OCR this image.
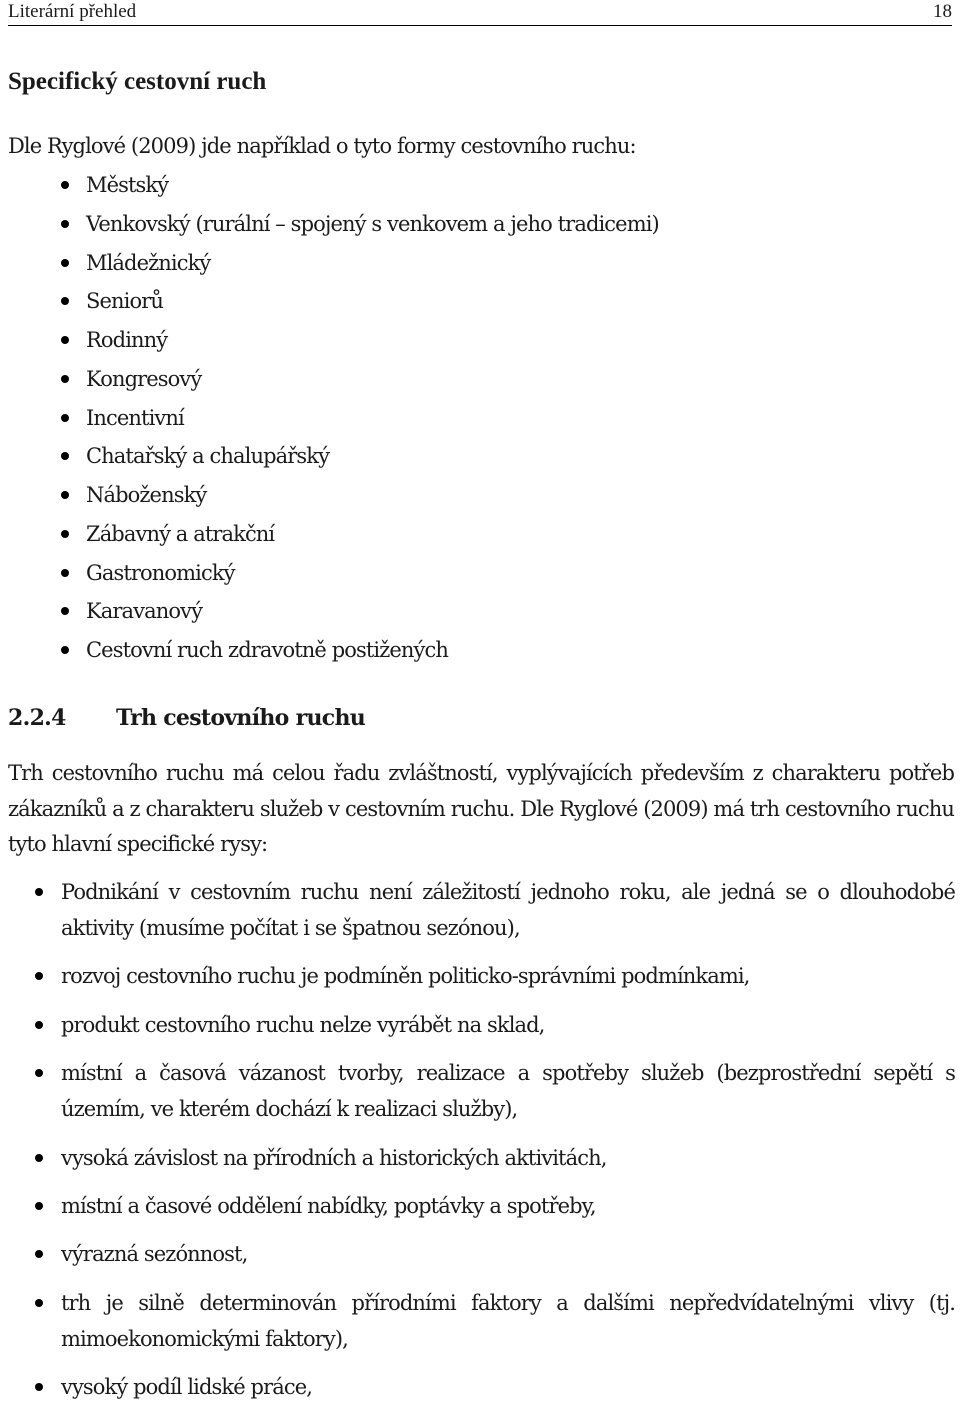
Literární přehled	18
Specifický cestovní ruch
Dle Ryglové (2009) jde například o tyto formy cestovního ruchu:
Městský
Venkovský (rurální – spojený s venkovem a jeho tradicemi)
Mládežnický
Seniorů
Rodinný
Kongresový
Incentivní
Chatařský a chalupářský
Náboženský
Zábavný a atrakční
Gastronomický
Karavanový
Cestovní ruch zdravotně postižených
2.2.4 Trh cestovního ruchu

Trh cestovního ruchu má celou řadu zvláštností, vyplývajících především z charakteru potřeb zákazníků a z charakteru služeb v cestovním ruchu. Dle Ryglové (2009) má trh cestovního ruchu tyto hlavní specifické rysy:

Podnikání v cestovním ruchu není záležitostí jednoho roku, ale jedná se o dlouhodobé aktivity (musíme počítat i se špatnou sezónou),
rozvoj cestovního ruchu je podmíněn politicko-správními podmínkami,
produkt cestovního ruchu nelze vyrábět na sklad,
místní a časová vázanost tvorby, realizace a spotřeby služeb (bezprostřední sepětí s územím, ve kterém dochází k realizaci služby),
vysoká závislost na přírodních a historických aktivitách,
místní a časové oddělení nabídky, poptávky a spotřeby,
výrazná sezónnost,
trh je silně determinován přírodními faktory a dalšími nepředvídatelnými vlivy (tj. mimoekonomickými faktory),
vysoký podíl lidské práce,
